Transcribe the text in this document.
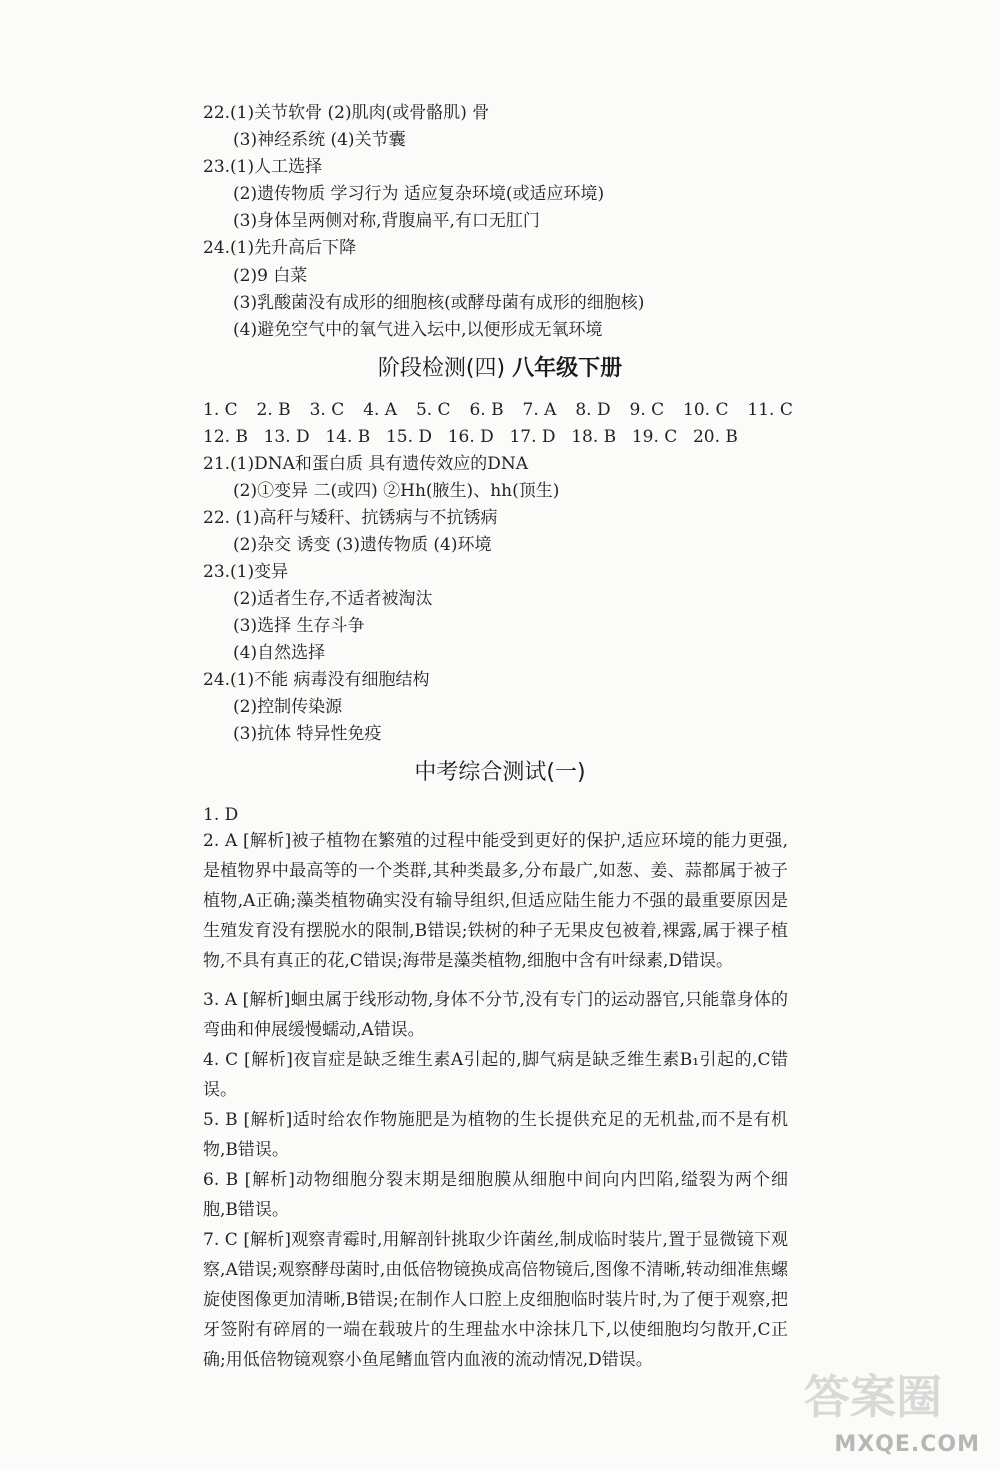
22.(1)关节软骨 (2)肌肉(或骨骼肌) 骨
(3)神经系统 (4)关节囊
23.(1)人工选择
(2)遗传物质 学习行为 适应复杂环境(或适应环境)
(3)身体呈两侧对称,背腹扁平,有口无肛门
24.(1)先升高后下降
(2)9 白菜
(3)乳酸菌没有成形的细胞核(或酵母菌有成形的细胞核)
(4)避免空气中的氧气进入坛中,以便形成无氧环境
阶段检测(四) 八年级下册
1. C 2. B 3. C 4. A 5. C 6. B 7. A 8. D 9. C 10. C 11. C
12. B 13. D 14. B 15. D 16. D 17. D 18. B 19. C 20. B
21.(1)DNA和蛋白质 具有遗传效应的DNA
(2)①变异 二(或四) ②Hh(腋生)、hh(顶生)
22. (1)高秆与矮秆、抗锈病与不抗锈病
(2)杂交 诱变 (3)遗传物质 (4)环境
23.(1)变异
(2)适者生存,不适者被淘汰
(3)选择 生存斗争
(4)自然选择
24.(1)不能 病毒没有细胞结构
(2)控制传染源
(3)抗体 特异性免疫
中考综合测试(一)
1. D
2. A [解析]被子植物在繁殖的过程中能受到更好的保护,适应环境的能力更强,是植物界中最高等的一个类群,其种类最多,分布最广,如葱、姜、蒜都属于被子植物,A正确;藻类植物确实没有输导组织,但适应陆生能力不强的最重要原因是生殖发育没有摆脱水的限制,B错误;铁树的种子无果皮包被着,裸露,属于裸子植物,不具有真正的花,C错误;海带是藻类植物,细胞中含有叶绿素,D错误。
3. A [解析]蛔虫属于线形动物,身体不分节,没有专门的运动器官,只能靠身体的弯曲和伸展缓慢蠕动,A错误。
4. C [解析]夜盲症是缺乏维生素A引起的,脚气病是缺乏维生素B₁引起的,C错误。
5. B [解析]适时给农作物施肥是为植物的生长提供充足的无机盐,而不是有机物,B错误。
6. B [解析]动物细胞分裂末期是细胞膜从细胞中间向内凹陷,缢裂为两个细胞,B错误。
7. C [解析]观察青霉时,用解剖针挑取少许菌丝,制成临时装片,置于显微镜下观察,A错误;观察酵母菌时,由低倍物镜换成高倍物镜后,图像不清晰,转动细准焦螺旋使图像更加清晰,B错误;在制作人口腔上皮细胞临时装片时,为了便于观察,把牙签附有碎屑的一端在载玻片的生理盐水中涂抹几下,以使细胞均匀散开,C正确;用低倍物镜观察小鱼尾鳍血管内血液的流动情况,D错误。
答案圈
MXQE.COM
